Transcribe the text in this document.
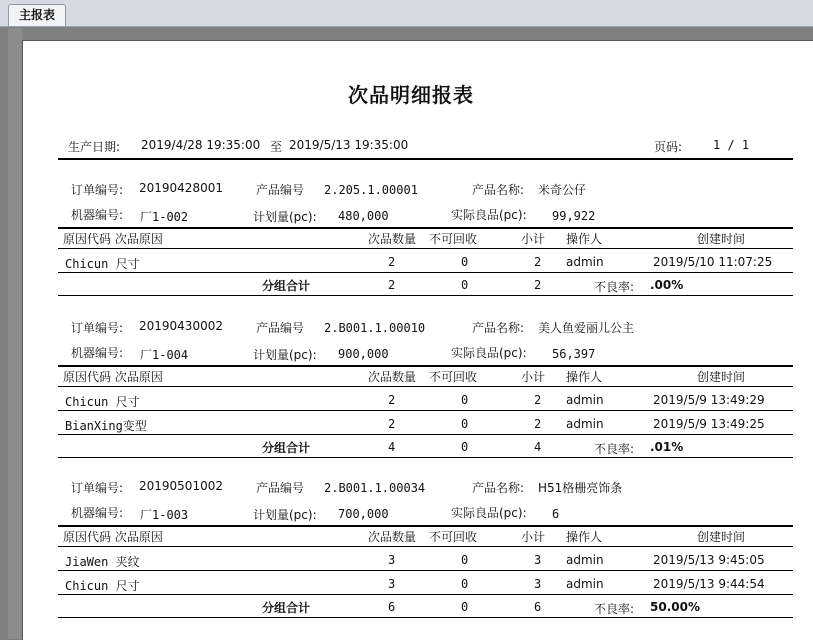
主报表
次品明细报表
生产日期: 2019/4/28 19:35:00 至 2019/5/13 19:35:00	页码:	1 / 1
订单编号: 20190428001	产品编号 2.205.1.00001	产品名称: 米奇公仔
机器编号: 厂1-002	计划量(pc): 480,000	实际良品(pc): 99,922
原因代码 次品原因	次品数量 不可回收	小计 操作人	创建时间
Chicun 尺寸	2	0	2 admin	2019/5/10 11:07:25
分组合计	2	0	2	不良率: .00%
订单编号: 20190430002	产品编号 2.B001.1.00010	产品名称: 美人鱼爱丽儿公主
机器编号: 厂1-004	计划量(pc): 900,000	实际良品(pc): 56,397
原因代码 次品原因	次品数量 不可回收	小计 操作人	创建时间
Chicun 尺寸	2	0	2 admin	2019/5/9 13:49:29
BianXing变型	2	0	2 admin	2019/5/9 13:49:25
分组合计	4	0	4	不良率: .01%
订单编号: 20190501002	产品编号 2.B001.1.00034	产品名称: H51格栅亮饰条
机器编号: 厂1-003	计划量(pc): 700,000	实际良品(pc): 6
原因代码 次品原因	次品数量 不可回收	小计 操作人	创建时间
JiaWen 夹纹	3	0	3 admin	2019/5/13 9:45:05
Chicun 尺寸	3	0	3 admin	2019/5/13 9:44:54
分组合计	6	0	6	不良率: 50.00%
